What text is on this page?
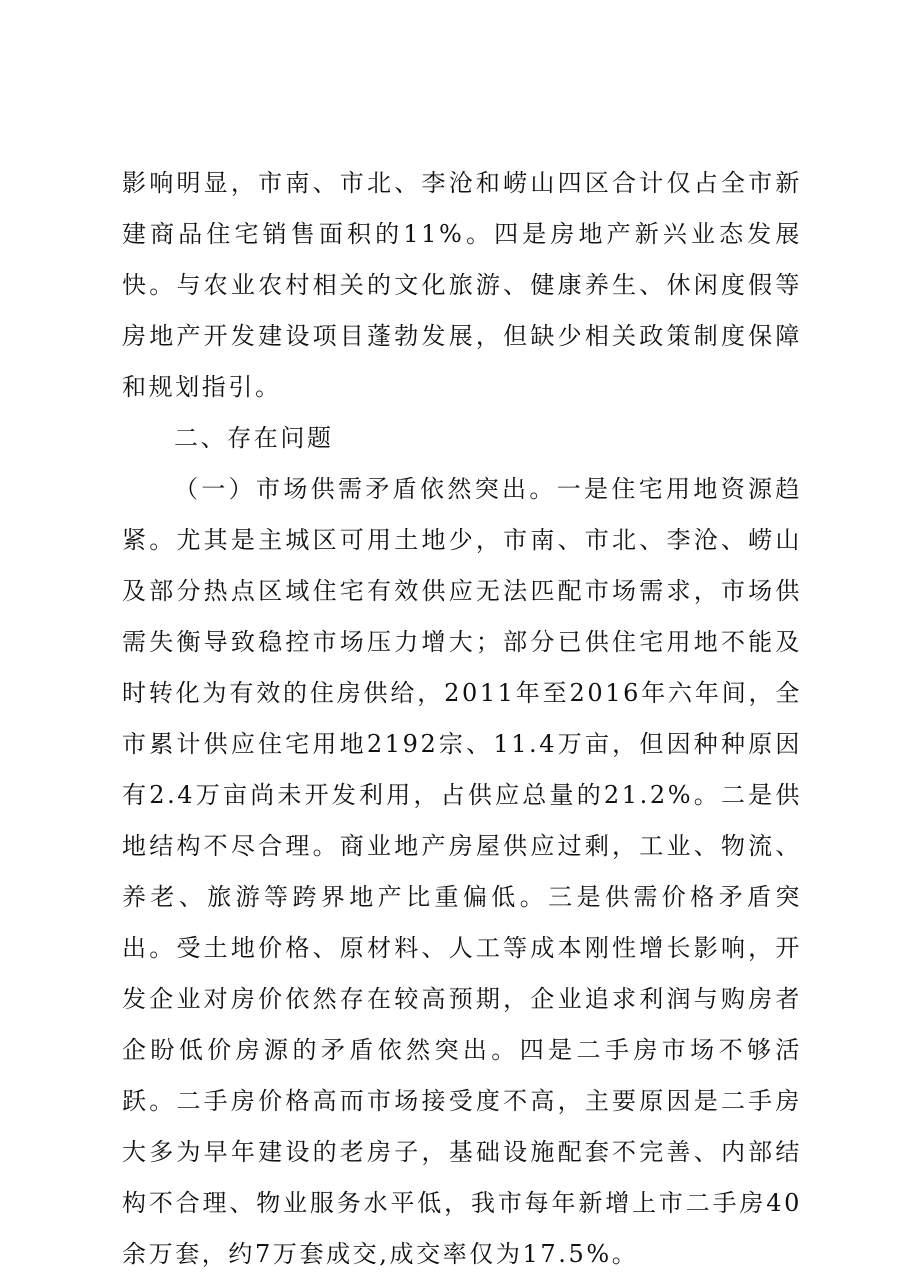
影响明显，市南、市北、李沧和崂山四区合计仅占全市新建商品住宅销售面积的11%。四是房地产新兴业态发展快。与农业农村相关的文化旅游、健康养生、休闲度假等房地产开发建设项目蓬勃发展，但缺少相关政策制度保障和规划指引。

二、存在问题

（一）市场供需矛盾依然突出。一是住宅用地资源趋紧。尤其是主城区可用土地少，市南、市北、李沧、崂山及部分热点区域住宅有效供应无法匹配市场需求，市场供需失衡导致稳控市场压力增大；部分已供住宅用地不能及时转化为有效的住房供给，2011年至2016年六年间，全市累计供应住宅用地2192宗、11.4万亩，但因种种原因有2.4万亩尚未开发利用，占供应总量的21.2%。二是供地结构不尽合理。商业地产房屋供应过剩，工业、物流、养老、旅游等跨界地产比重偏低。三是供需价格矛盾突出。受土地价格、原材料、人工等成本刚性增长影响，开发企业对房价依然存在较高预期，企业追求利润与购房者企盼低价房源的矛盾依然突出。四是二手房市场不够活跃。二手房价格高而市场接受度不高，主要原因是二手房大多为早年建设的老房子，基础设施配套不完善、内部结构不合理、物业服务水平低，我市每年新增上市二手房40余万套，约7万套成交,成交率仅为17.5%。
